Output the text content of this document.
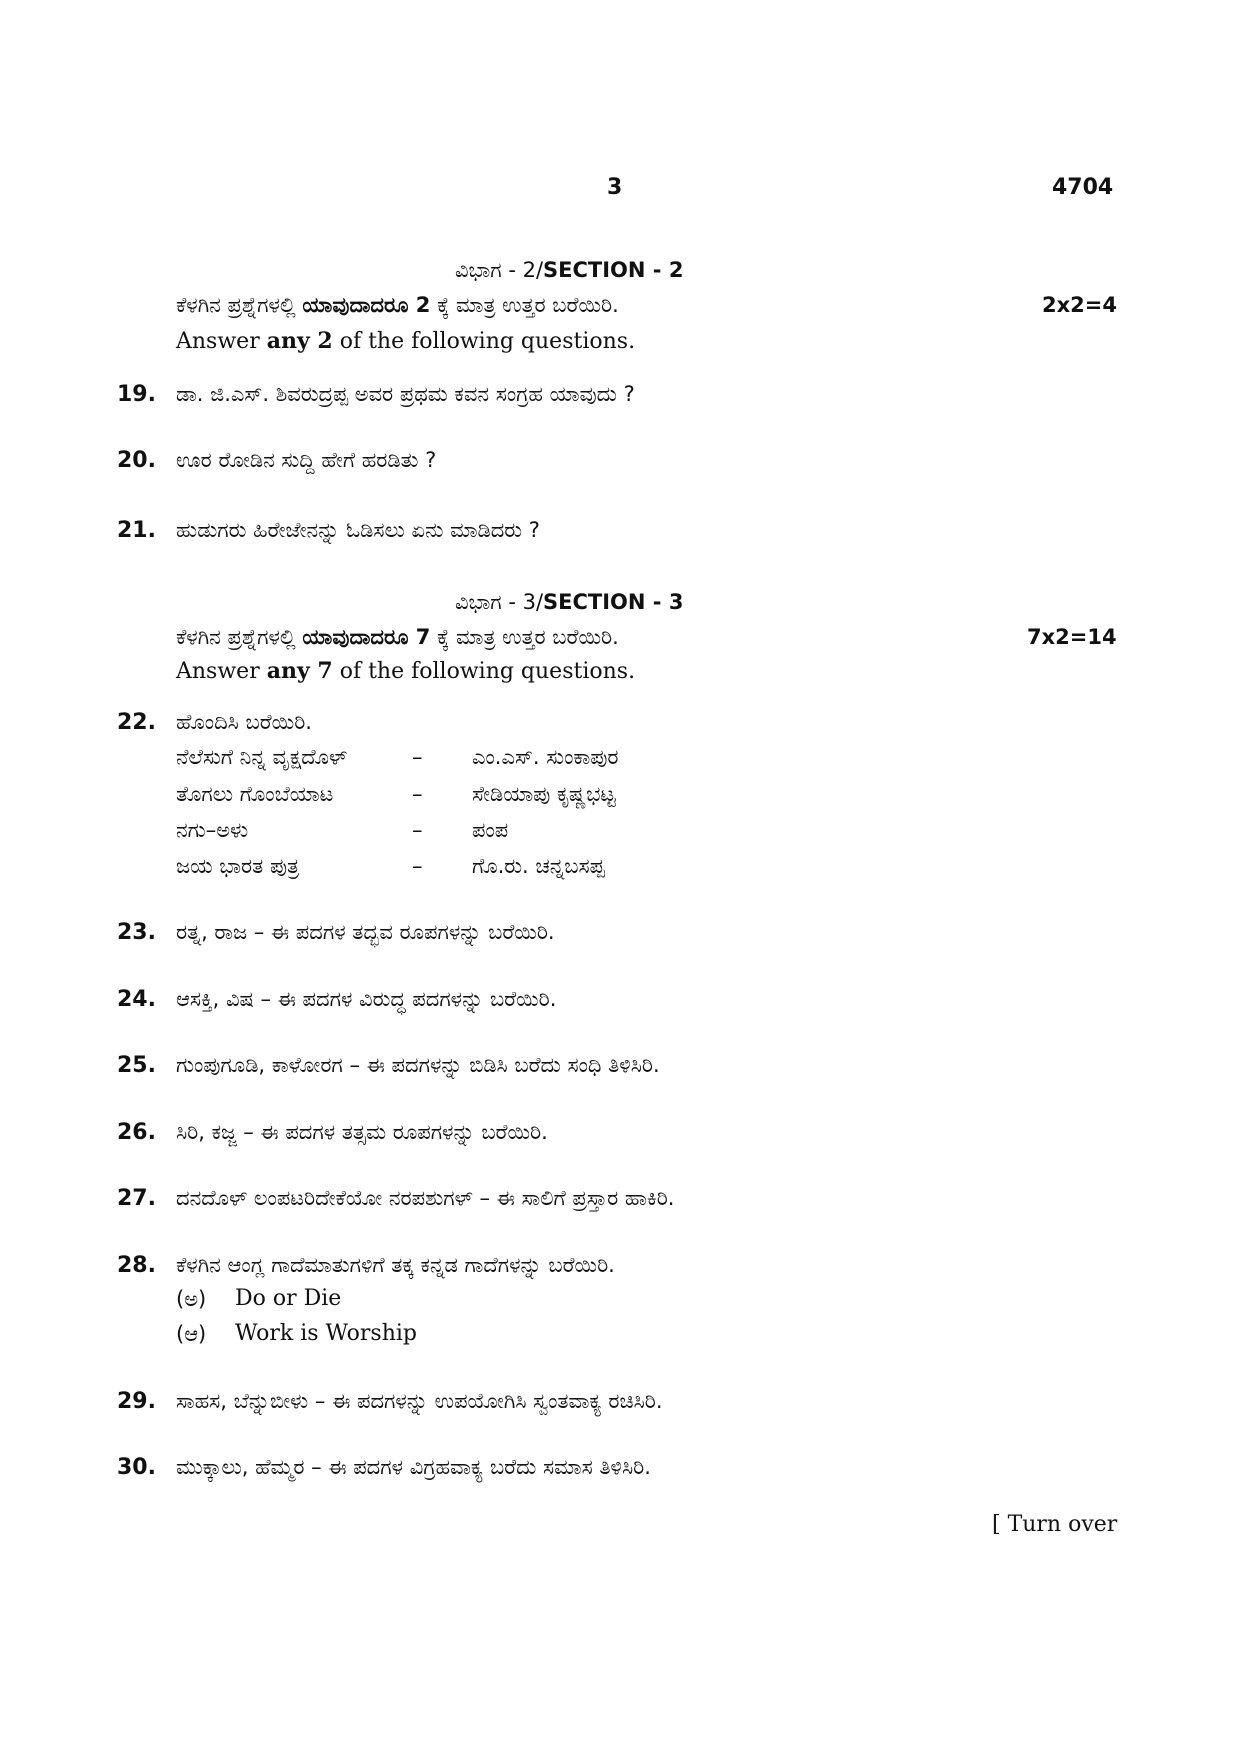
3	4704
ವಿಭಾಗ - 2/SECTION - 2
ಕೆಳಗಿನ ಪ್ರಶ್ನೆಗಳಲ್ಲಿ ಯಾವುದಾದರೂ 2 ಕ್ಕೆ ಮಾತ್ರ ಉತ್ತರ ಬರೆಯಿರಿ.	2x2=4
Answer any 2 of the following questions.
19. ಡಾ. ಜಿ.ಎಸ್. ಶಿವರುದ್ರಪ್ಪ ಅವರ ಪ್ರಥಮ ಕವನ ಸಂಗ್ರಹ ಯಾವುದು ?
20. ಊರ ರೋಡಿನ ಸುದ್ದಿ ಹೇಗೆ ಹರಡಿತು ?
21. ಹುಡುಗರು ಹಿರೇಜೇನನ್ನು ಓಡಿಸಲು ಏನು ಮಾಡಿದರು ?
ವಿಭಾಗ - 3/SECTION - 3
ಕೆಳಗಿನ ಪ್ರಶ್ನೆಗಳಲ್ಲಿ ಯಾವುದಾದರೂ 7 ಕ್ಕೆ ಮಾತ್ರ ಉತ್ತರ ಬರೆಯಿರಿ.	7x2=14
Answer any 7 of the following questions.
22. ಹೊಂದಿಸಿ ಬರೆಯಿರಿ.
ನೆಲೆಸುಗೆ ನಿನ್ನ ವೃಕ್ಷದೊಳ್	– ಎಂ.ಎಸ್. ಸುಂಕಾಪುರ
ತೊಗಲು ಗೊಂಬೆಯಾಟ	– ಸೇಡಿಯಾಪು ಕೃಷ್ಣಭಟ್ಟ
ನಗು–ಅಳು	– ಪಂಪ
ಜಯ ಭಾರತ ಪುತ್ರ	– ಗೊ.ರು. ಚನ್ನಬಸಪ್ಪ
23. ರತ್ನ, ರಾಜ – ಈ ಪದಗಳ ತದ್ಭವ ರೂಪಗಳನ್ನು ಬರೆಯಿರಿ.
24. ಆಸಕ್ತಿ, ವಿಷ – ಈ ಪದಗಳ ವಿರುದ್ಧ ಪದಗಳನ್ನು ಬರೆಯಿರಿ.
25. ಗುಂಪುಗೂಡಿ, ಕಾಳೋರಗ – ಈ ಪದಗಳನ್ನು ಬಿಡಿಸಿ ಬರೆದು ಸಂಧಿ ತಿಳಿಸಿರಿ.
26. ಸಿರಿ, ಕಜ್ಜ – ಈ ಪದಗಳ ತತ್ಸಮ ರೂಪಗಳನ್ನು ಬರೆಯಿರಿ.
27. ದನದೊಳ್ ಲಂಪಟರಿದೇಕೆಯೋ ನರಪಶುಗಳ್ – ಈ ಸಾಲಿಗೆ ಪ್ರಸ್ತಾರ ಹಾಕಿರಿ.
28. ಕೆಳಗಿನ ಆಂಗ್ಲ ಗಾದೆಮಾತುಗಳಿಗೆ ತಕ್ಕ ಕನ್ನಡ ಗಾದೆಗಳನ್ನು ಬರೆಯಿರಿ.
(ಅ) Do or Die
(ಆ) Work is Worship
29. ಸಾಹಸ, ಬೆನ್ನುಬೀಳು – ಈ ಪದಗಳನ್ನು ಉಪಯೋಗಿಸಿ ಸ್ವಂತವಾಕ್ಯ ರಚಿಸಿರಿ.
30. ಮುಕ್ಕಾಲು, ಹೆಮ್ಮರ – ಈ ಪದಗಳ ವಿಗ್ರಹವಾಕ್ಯ ಬರೆದು ಸಮಾಸ ತಿಳಿಸಿರಿ.
[ Turn over
